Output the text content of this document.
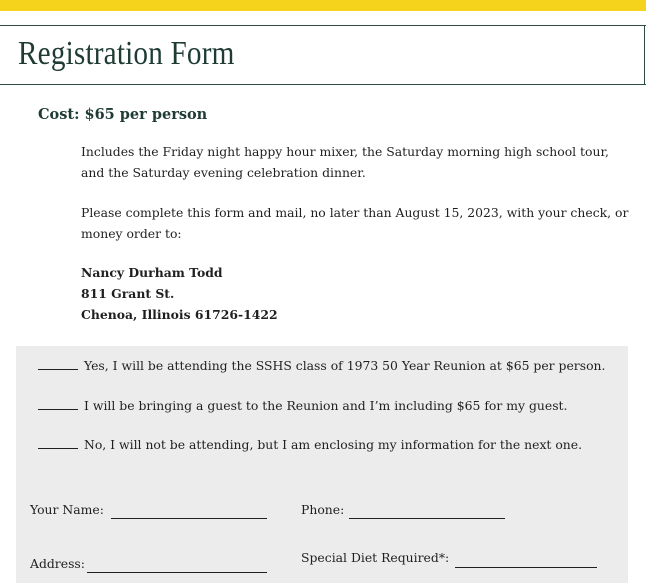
Registration Form
Cost: $65 per person
Includes the Friday night happy hour mixer, the Saturday morning high school tour,
and the Saturday evening celebration dinner.
Please complete this form and mail, no later than August 15, 2023, with your check, or
money order to:
Nancy Durham Todd
811 Grant St.
Chenoa, Illinois 61726-1422
Yes, I will be attending the SSHS class of 1973 50 Year Reunion at $65 per person.
I will be bringing a guest to the Reunion and I’m including $65 for my guest.
No, I will not be attending, but I am enclosing my information for the next one.
Your Name:	Phone:
Address:	Special Diet Required*:
